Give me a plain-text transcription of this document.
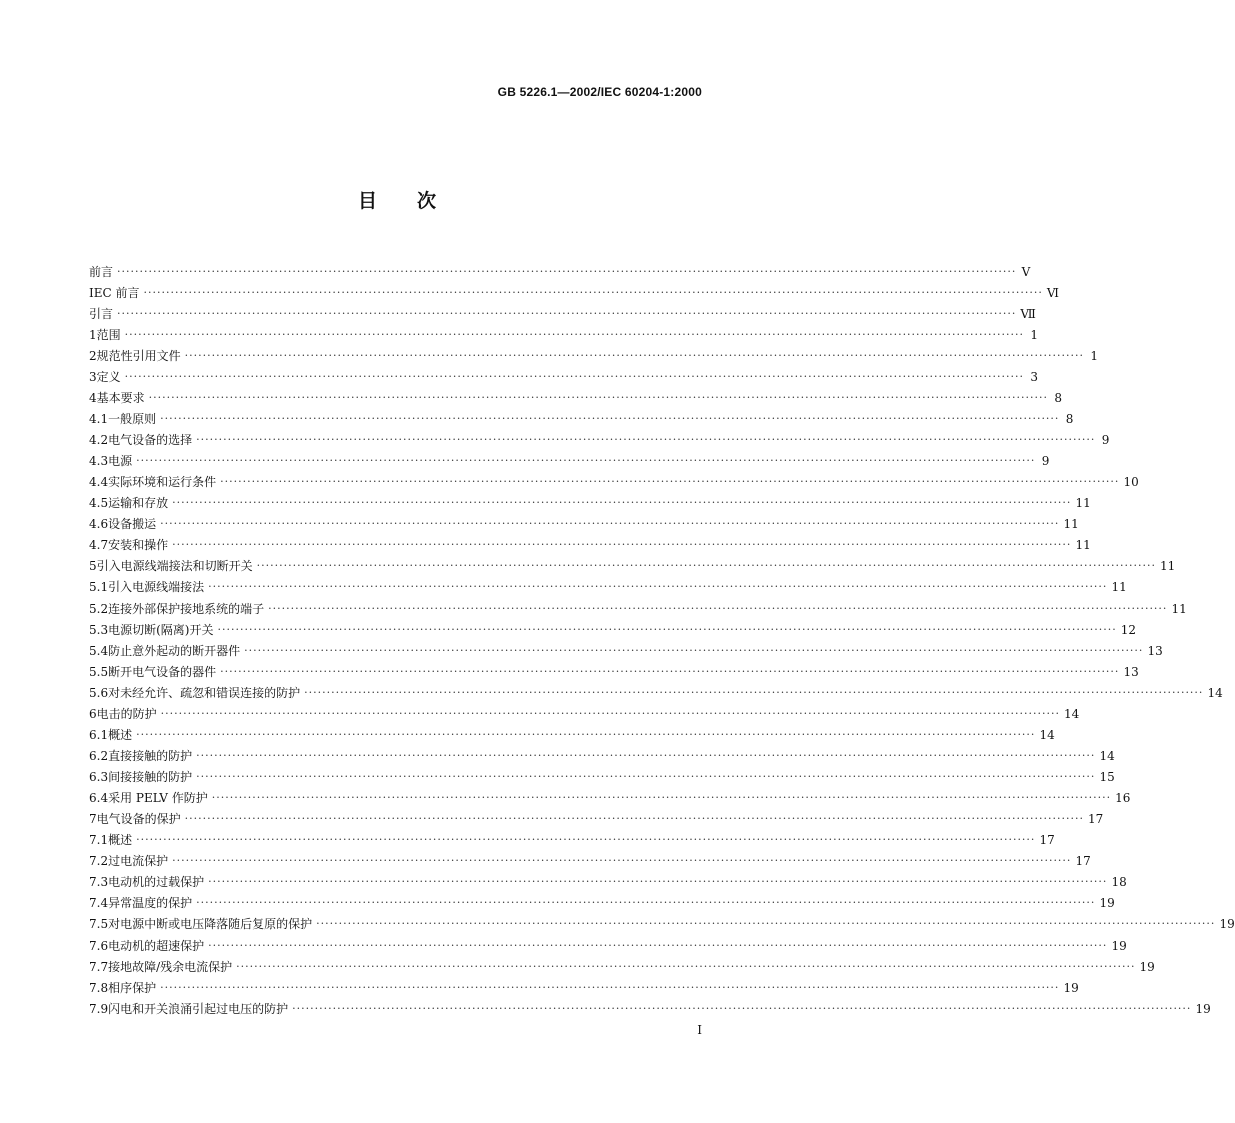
GB 5226.1—2002/IEC 60204-1:2000
目 次
前言 ········································································································································································································ Ⅴ
IEC 前言 ········································································································································································································ Ⅵ
引言 ········································································································································································································ Ⅶ
1 范围 ········································································································································································································ 1
2 规范性引用文件 ········································································································································································································ 1
3 定义 ········································································································································································································ 3
4 基本要求 ········································································································································································································ 8
4.1 一般原则 ········································································································································································································ 8
4.2 电气设备的选择 ········································································································································································································ 9
4.3 电源 ········································································································································································································ 9
4.4 实际环境和运行条件 ········································································································································································································ 10
4.5 运输和存放 ········································································································································································································ 11
4.6 设备搬运 ········································································································································································································ 11
4.7 安装和操作 ········································································································································································································ 11
5 引入电源线端接法和切断开关 ········································································································································································································ 11
5.1 引入电源线端接法 ········································································································································································································ 11
5.2 连接外部保护接地系统的端子 ········································································································································································································ 11
5.3 电源切断(隔离)开关 ········································································································································································································ 12
5.4 防止意外起动的断开器件 ········································································································································································································ 13
5.5 断开电气设备的器件 ········································································································································································································ 13
5.6 对未经允许、疏忽和错误连接的防护 ········································································································································································································ 14
6 电击的防护 ········································································································································································································ 14
6.1 概述 ········································································································································································································ 14
6.2 直接接触的防护 ········································································································································································································ 14
6.3 间接接触的防护 ········································································································································································································ 15
6.4 采用 PELV 作防护 ········································································································································································································ 16
7 电气设备的保护 ········································································································································································································ 17
7.1 概述 ········································································································································································································ 17
7.2 过电流保护 ········································································································································································································ 17
7.3 电动机的过载保护 ········································································································································································································ 18
7.4 异常温度的保护 ········································································································································································································ 19
7.5 对电源中断或电压降落随后复原的保护 ········································································································································································································ 19
7.6 电动机的超速保护 ········································································································································································································ 19
7.7 接地故障/残余电流保护 ········································································································································································································ 19
7.8 相序保护 ········································································································································································································ 19
7.9 闪电和开关浪涌引起过电压的防护 ········································································································································································································ 19
Ⅰ
